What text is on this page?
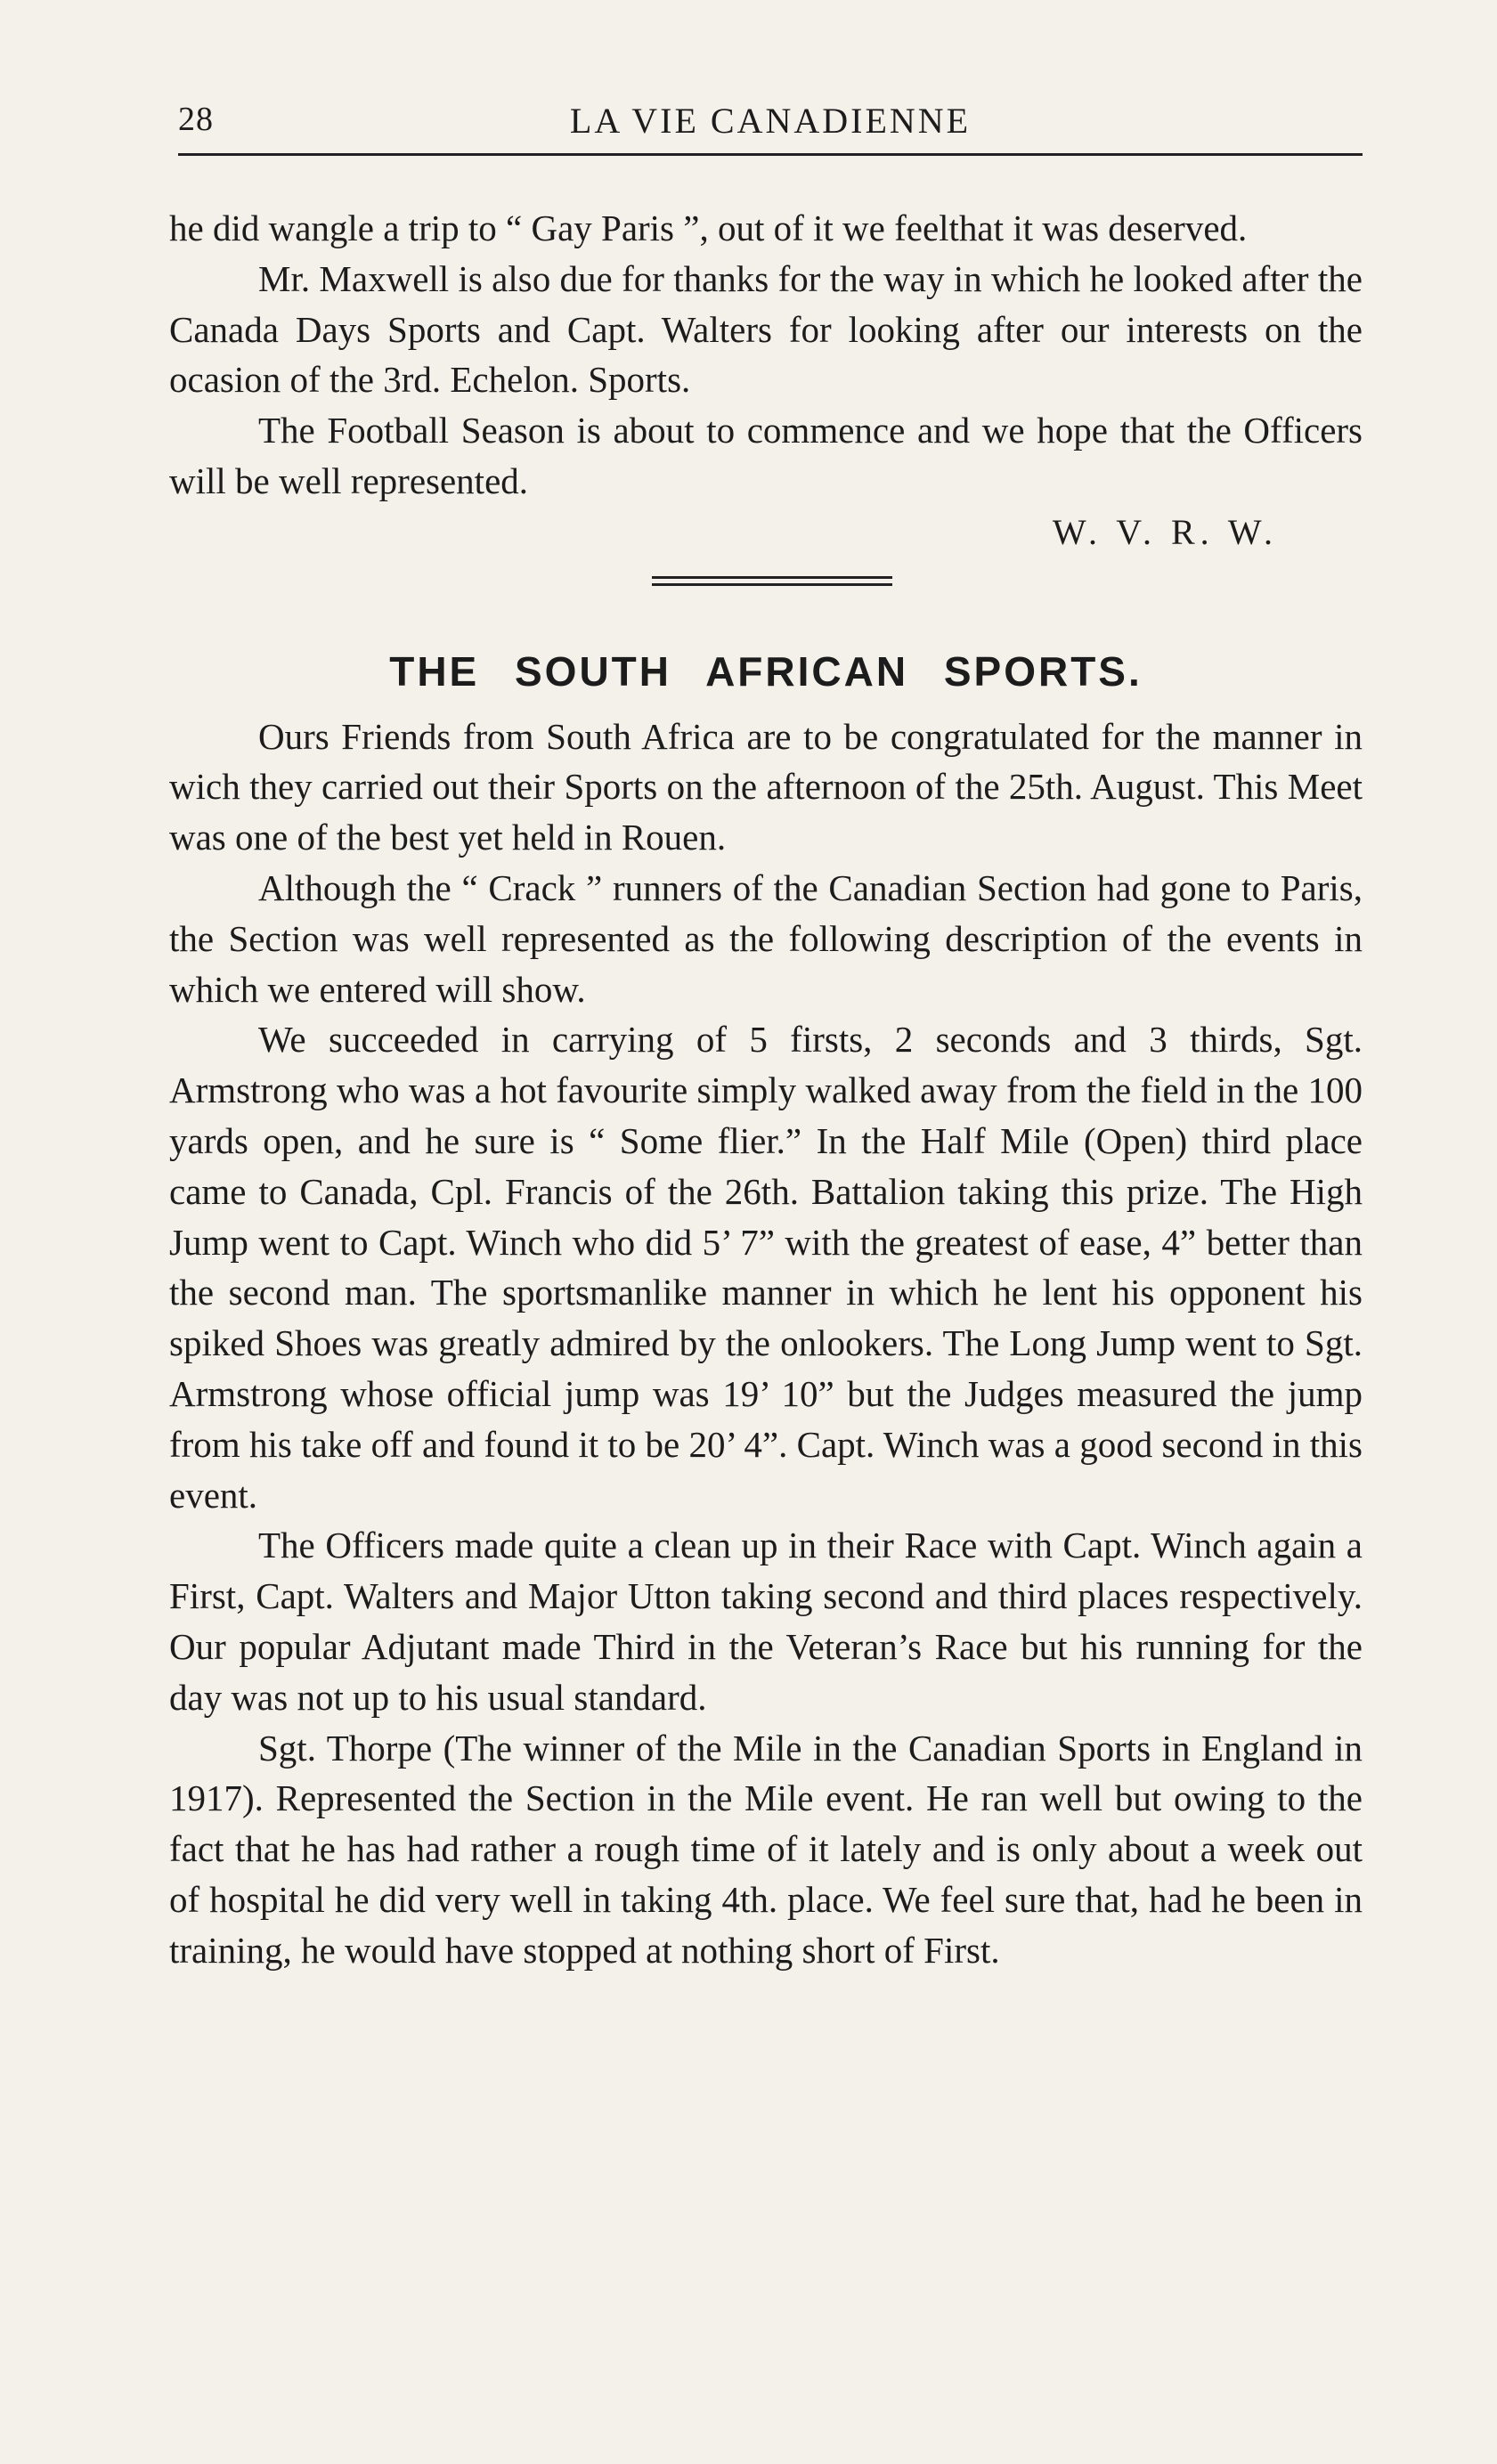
28	LA VIE CANADIENNE

he did wangle a trip to “ Gay Paris ”, out of it we feelthat it was deserved.

Mr. Maxwell is also due for thanks for the way in which he looked after the Canada Days Sports and Capt. Walters for looking after our interests on the ocasion of the 3rd. Echelon. Sports.

The Football Season is about to commence and we hope that the Officers will be well represented.

W. V. R. W.
THE SOUTH AFRICAN SPORTS.

Ours Friends from South Africa are to be congratulated for the manner in wich they carried out their Sports on the afternoon of the 25th. August. This Meet was one of the best yet held in Rouen.

Although the “ Crack ” runners of the Canadian Section had gone to Paris, the Section was well represented as the following description of the events in which we entered will show.

We succeeded in carrying of 5 firsts, 2 seconds and 3 thirds, Sgt. Armstrong who was a hot favourite simply walked away from the field in the 100 yards open, and he sure is “ Some flier.” In the Half Mile (Open) third place came to Canada, Cpl. Francis of the 26th. Battalion taking this prize. The High Jump went to Capt. Winch who did 5’ 7” with the greatest of ease, 4” better than the second man. The sportsmanlike manner in which he lent his opponent his spiked Shoes was greatly admired by the onlookers. The Long Jump went to Sgt. Armstrong whose official jump was 19’ 10” but the Judges measured the jump from his take off and found it to be 20’ 4”. Capt. Winch was a good second in this event.

The Officers made quite a clean up in their Race with Capt. Winch again a First, Capt. Walters and Major Utton taking second and third places respectively. Our popular Adjutant made Third in the Veteran’s Race but his running for the day was not up to his usual standard.

Sgt. Thorpe (The winner of the Mile in the Canadian Sports in England in 1917). Represented the Section in the Mile event. He ran well but owing to the fact that he has had rather a rough time of it lately and is only about a week out of hospital he did very well in taking 4th. place. We feel sure that, had he been in training, he would have stopped at nothing short of First.
